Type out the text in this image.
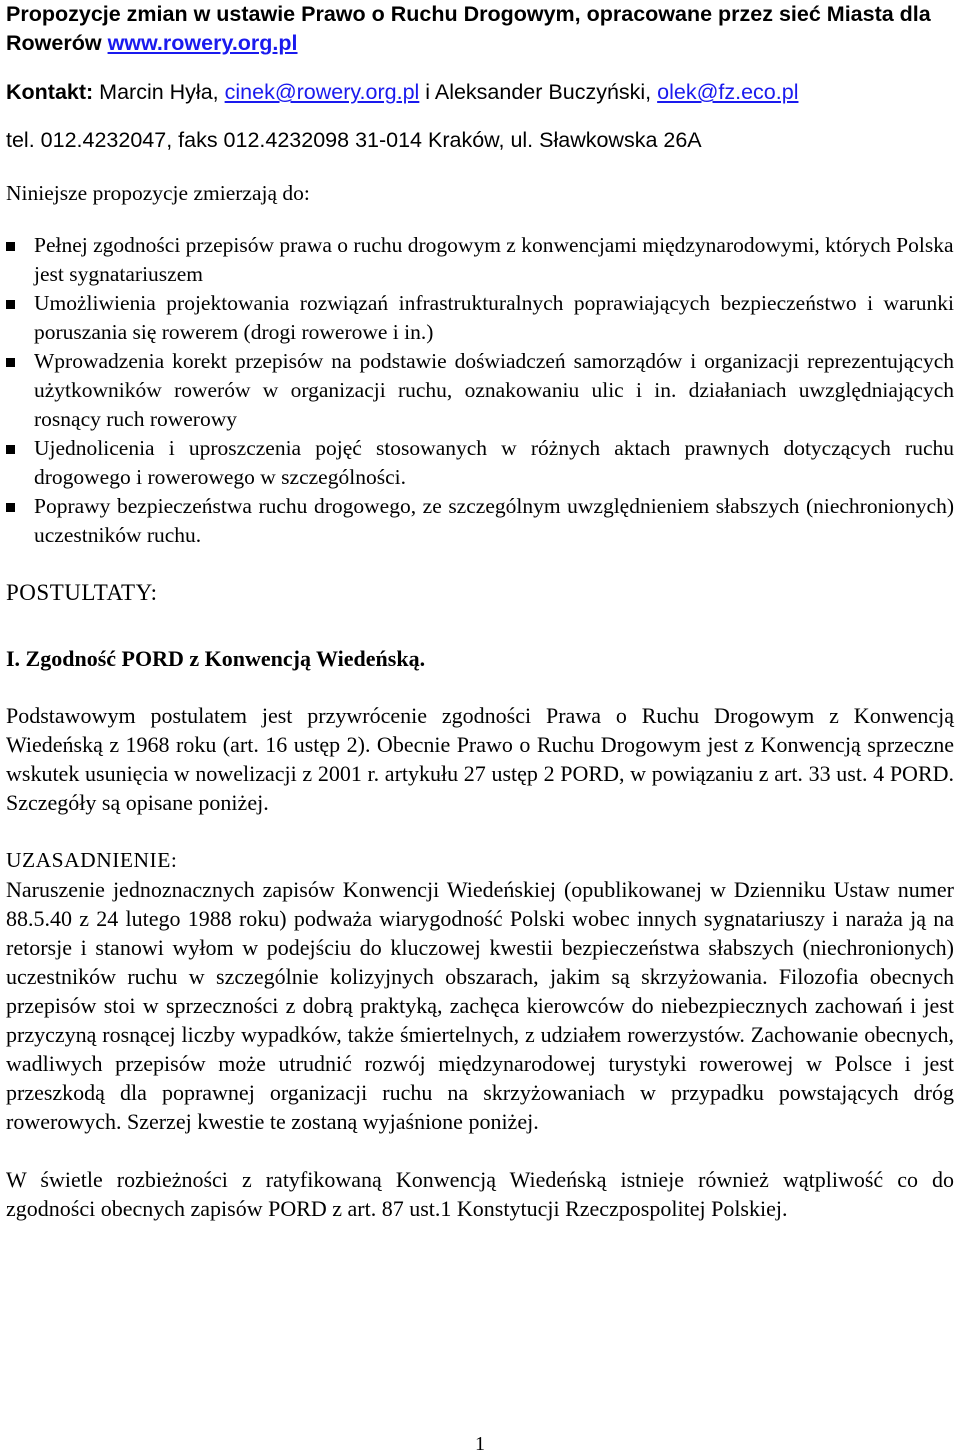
Propozycje zmian w ustawie Prawo o Ruchu Drogowym, opracowane przez sieć Miasta dla Rowerów www.rowery.org.pl

Kontakt: Marcin Hyła, cinek@rowery.org.pl i Aleksander Buczyński, olek@fz.eco.pl

tel. 012.4232047, faks 012.4232098 31-014 Kraków, ul. Sławkowska 26A

Niniejsze propozycje zmierzają do:

Pełnej zgodności przepisów prawa o ruchu drogowym z konwencjami międzynarodowymi, których Polska jest sygnatariuszem
Umożliwienia projektowania rozwiązań infrastrukturalnych poprawiających bezpieczeństwo i warunki poruszania się rowerem (drogi rowerowe i in.)
Wprowadzenia korekt przepisów na podstawie doświadczeń samorządów i organizacji reprezentujących użytkowników rowerów w organizacji ruchu, oznakowaniu ulic i in. działaniach uwzględniających rosnący ruch rowerowy
Ujednolicenia i uproszczenia pojęć stosowanych w różnych aktach prawnych dotyczących ruchu drogowego i rowerowego w szczególności.
Poprawy bezpieczeństwa ruchu drogowego, ze szczególnym uwzględnieniem słabszych (niechronionych) uczestników ruchu.

POSTULTATY:

I. Zgodność PORD z Konwencją Wiedeńską.

Podstawowym postulatem jest przywrócenie zgodności Prawa o Ruchu Drogowym z Konwencją Wiedeńską z 1968 roku (art. 16 ustęp 2). Obecnie Prawo o Ruchu Drogowym jest z Konwencją sprzeczne wskutek usunięcia w nowelizacji z 2001 r. artykułu 27 ustęp 2 PORD, w powiązaniu z art. 33 ust. 4 PORD. Szczegóły są opisane poniżej.

UZASADNIENIE:

Naruszenie jednoznacznych zapisów Konwencji Wiedeńskiej (opublikowanej w Dzienniku Ustaw numer 88.5.40 z 24 lutego 1988 roku) podważa wiarygodność Polski wobec innych sygnatariuszy i naraża ją na retorsje i stanowi wyłom w podejściu do kluczowej kwestii bezpieczeństwa słabszych (niechronionych) uczestników ruchu w szczególnie kolizyjnych obszarach, jakim są skrzyżowania. Filozofia obecnych przepisów stoi w sprzeczności z dobrą praktyką, zachęca kierowców do niebezpiecznych zachowań i jest przyczyną rosnącej liczby wypadków, także śmiertelnych, z udziałem rowerzystów. Zachowanie obecnych, wadliwych przepisów może utrudnić rozwój międzynarodowej turystyki rowerowej w Polsce i jest przeszkodą dla poprawnej organizacji ruchu na skrzyżowaniach w przypadku powstających dróg rowerowych. Szerzej kwestie te zostaną wyjaśnione poniżej.

W świetle rozbieżności z ratyfikowaną Konwencją Wiedeńską istnieje również wątpliwość co do zgodności obecnych zapisów PORD z art. 87 ust.1 Konstytucji Rzeczpospolitej Polskiej.

1
